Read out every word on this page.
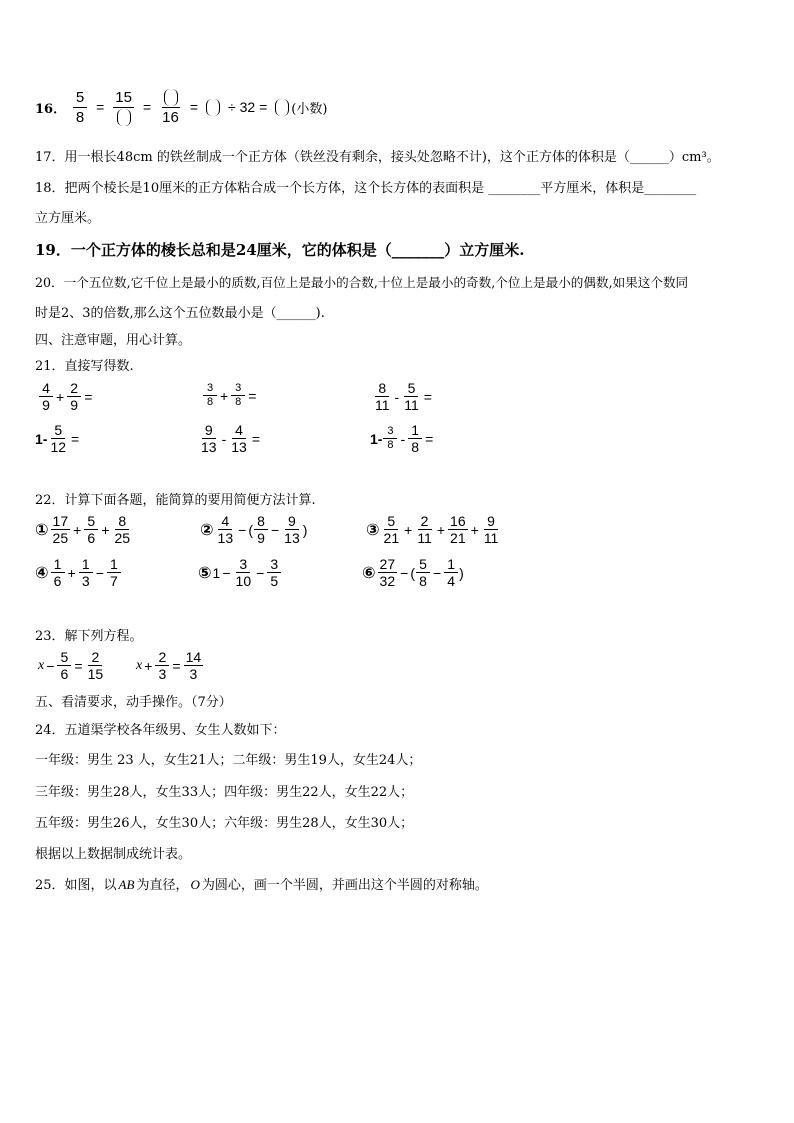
16． $\frac{5}{8}$ =
15
=
16
= ÷ 32 = (小数)
17．用一根长48cm 的铁丝制成一个正方体（铁丝没有剩余，接头处忽略不计)，这个正方体的体积是（______）cm³。
18．把两个棱长是10厘米的正方体粘合成一个长方体，这个长方体的表面积是 ________平方厘米，体积是________
立方厘米。
19．一个正方体的棱长总和是24厘米，它的体积是（_______）立方厘米.
20．一个五位数,它千位上是最小的质数,百位上是最小的合数,十位上是最小的奇数,个位上是最小的偶数,如果这个数同
时是2、3的倍数,那么这个五位数最小是（______).
四、注意审题，用心计算。
21．直接写得数.
$\frac{4}{9} + \frac{2}{9}$ =	$\frac{3}{8} + \frac{3}{8}$ =	$\frac{8}{11} - \frac{5}{11}$ =
$1- \frac{5}{12}$ =	$\frac{9}{13} - \frac{4}{13}$ =	$1- \frac{3}{8} - \frac{1}{8}$ =
22．计算下面各题，能简算的要用简便方法计算.
① $\frac{17}{25} + \frac{5}{6} + \frac{8}{25}$	② $\frac{4}{13}$ − ( $\frac{8}{9} - \frac{9}{13}$ )	③ $\frac{5}{21} + \frac{2}{11} + \frac{16}{21} + \frac{9}{11}$
④ $\frac{1}{6} + \frac{1}{3} - \frac{1}{7}$	⑤ $1 - \frac{3}{10} - \frac{3}{5}$	⑥ $\frac{27}{32}$ − ( $\frac{5}{8} - \frac{1}{4}$ )
23．解下列方程。
$x - \frac{5}{6} = \frac{2}{15}$ $x + \frac{2}{3} = \frac{14}{3}$
五、看清要求，动手操作。（7分）
24．五道渠学校各年级男、女生人数如下：
一年级：男生 23 人，女生21人；二年级：男生19人，女生24人；
三年级：男生28人，女生33人；四年级：男生22人，女生22人；
五年级：男生26人，女生30人；六年级：男生28人，女生30人；
根据以上数据制成统计表。
25．如图，以 AB 为直径， O 为圆心，画一个半圆，并画出这个半圆的对称轴。
